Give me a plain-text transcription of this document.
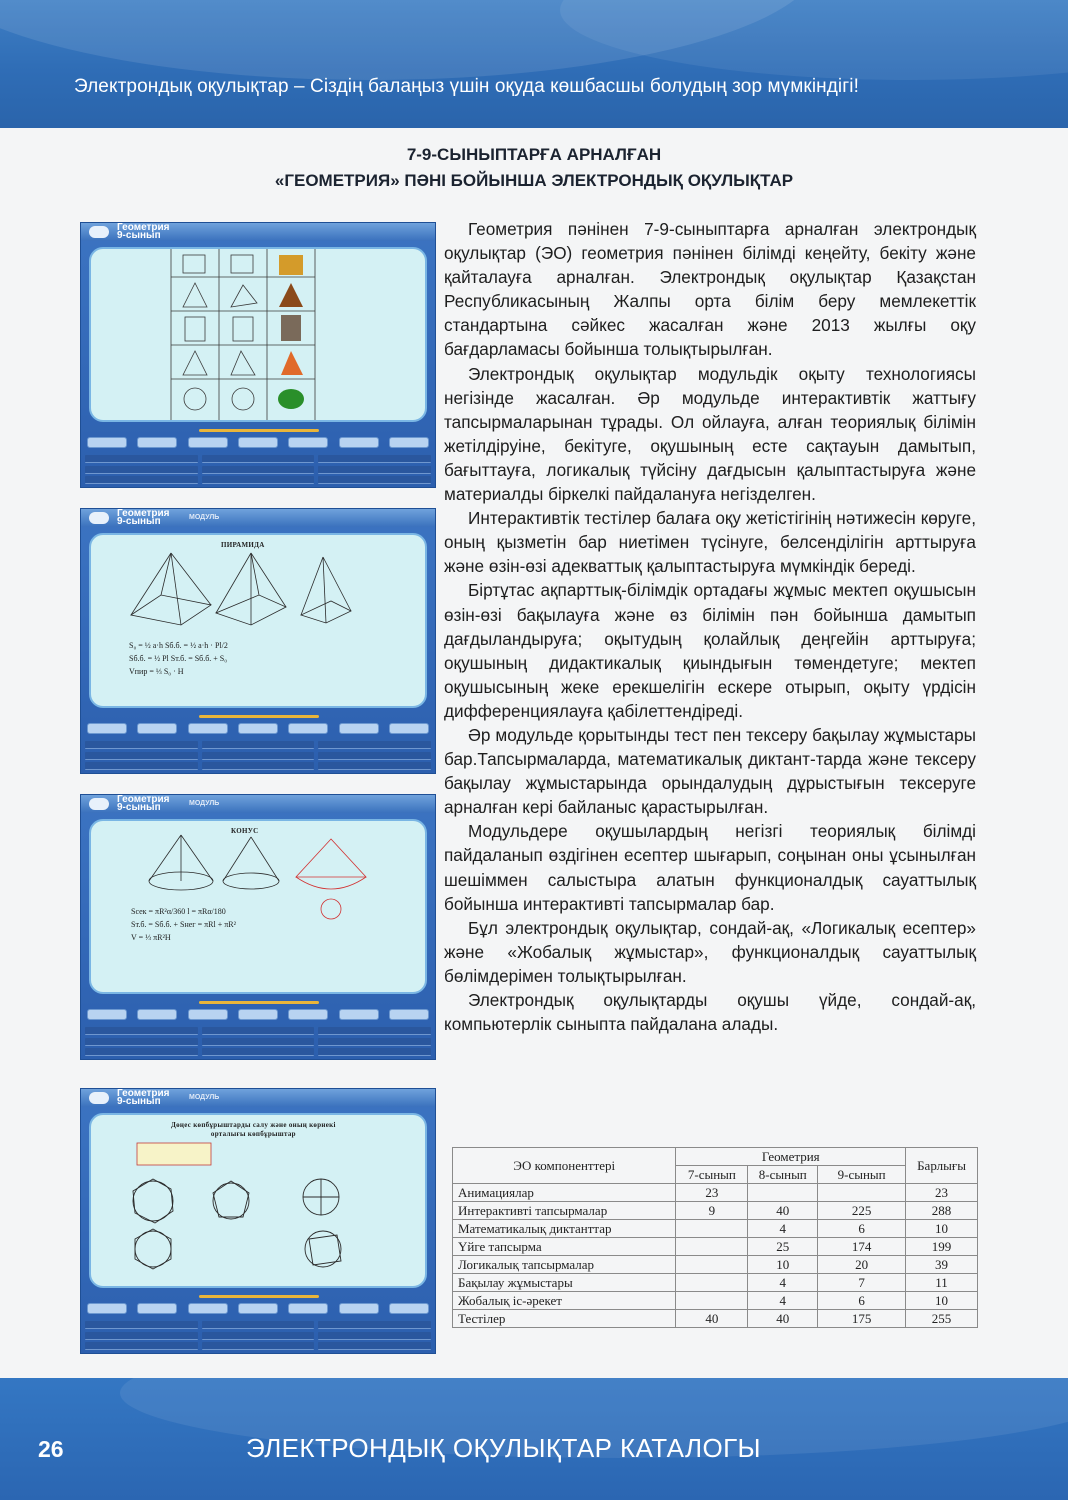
Электрондық оқулықтар – Сіздің балаңыз үшін оқуда көшбасшы болудың зор мүмкіндігі!
7-9-СЫНЫПТАРҒА АРНАЛҒАН
«ГЕОМЕТРИЯ» ПӘНІ БОЙЫНША ЭЛЕКТРОНДЫҚ ОҚУЛЫҚТАР
Геометрия
9-сынып
Геометрия
9-сынып	МОДУЛЬ
ПИРАМИДА
S₀ = ½ a·h Sб.б. = ½ a·h · Pl/2
Sб.б. = ½ Pl Sт.б. = Sб.б. + S₀
Vпир = ⅓ S₀ · H
Геометрия
9-сынып	МОДУЛЬ
КОНУС
Sсек = πR²α/360 l = πRα/180
Sт.б. = Sб.б. + Sнег = πRl + πR²
V = ⅓ πR²H
Геометрия
9-сынып	МОДУЛЬ
Дөңес көпбұрыштарды салу және оның көрнекі
орталығы көпбұрыштар

Геометрия пәнінен 7-9-сыныптарға арналған электрондық оқулықтар (ЭО) геометрия пәнінен білімді кеңейту, бекіту және қайталауға арналған. Электрондық оқулықтар Қазақстан Республикасының Жалпы орта білім беру мемлекеттік стандартына сәйкес жасалған және 2013 жылғы оқу бағдарламасы бойынша толықтырылған.

Электрондық оқулықтар модульдік оқыту технологиясы негізінде жасалған. Әр модульде интерактивтік жаттығу тапсырмаларынан тұрады. Ол ойлауға, алған теориялық білімін жетілдіруіне, бекітуге, оқушының есте сақтауын дамытып, бағыттауға, логикалық түйсіну дағдысын қалыптастыруға және материалды біркелкі пайдалануға негізделген.

Интерактивтік тестілер балаға оқу жетістігінің нәтижесін көруге, оның қызметін бар ниетімен түсінуге, белсенділігін арттыруға және өзін-өзі адекваттық қалыптастыруға мүмкіндік береді.

Біртұтас ақпарттық-білімдік ортадағы жұмыс мектеп оқушысын өзін-өзі бақылауға және өз білімін пән бойынша дамытып дағдыландыруға; оқытудың қолайлық деңгейін арттыруға; оқушының дидактикалық қиындығын төмендетуге; мектеп оқушысының жеке ерекшелігін ескере отырып, оқыту үрдісін дифференциялауға қабілеттендіреді.

Әр модульде қорытынды тест пен тексеру бақылау жұмыстары бар.Тапсырмаларда, математикалық диктант-тарда және тексеру бақылау жұмыстарында орындалудың дұрыстығын тексеруге арналған кері байланыс қарастырылған.

Модульдере оқушылардың негізгі теориялық білімді пайдаланып өздігінен есептер шығарып, соңынан оны ұсынылған шешіммен салыстыра алатын функционалдық сауаттылық бойынша интерактивті тапсырмалар бар.

Бұл электрондық оқулықтар, сондай-ақ, «Логикалық есептер» және «Жобалық жұмыстар», функционалдық сауаттылық бөлімдерімен толықтырылған.

Электрондық оқулықтарды оқушы үйде, сондай-ақ, компьютерлік сыныпта пайдалана алады.

ЭО компоненттері	Геометрия			Барлығы
	7-сынып	8-сынып	9-сынып	
Анимациялар	23			23
Интерактивті тапсырмалар	9	40	225	288
Математикалық диктанттар		4	6	10
Үйге тапсырма		25	174	199
Логикалық тапсырмалар		10	20	39
Бақылау жұмыстары		4	7	11
Жобалық іс-әрекет		4	6	10
Тестілер	40	40	175	255
26	ЭЛЕКТРОНДЫҚ ОҚУЛЫҚТАР КАТАЛОГЫ
